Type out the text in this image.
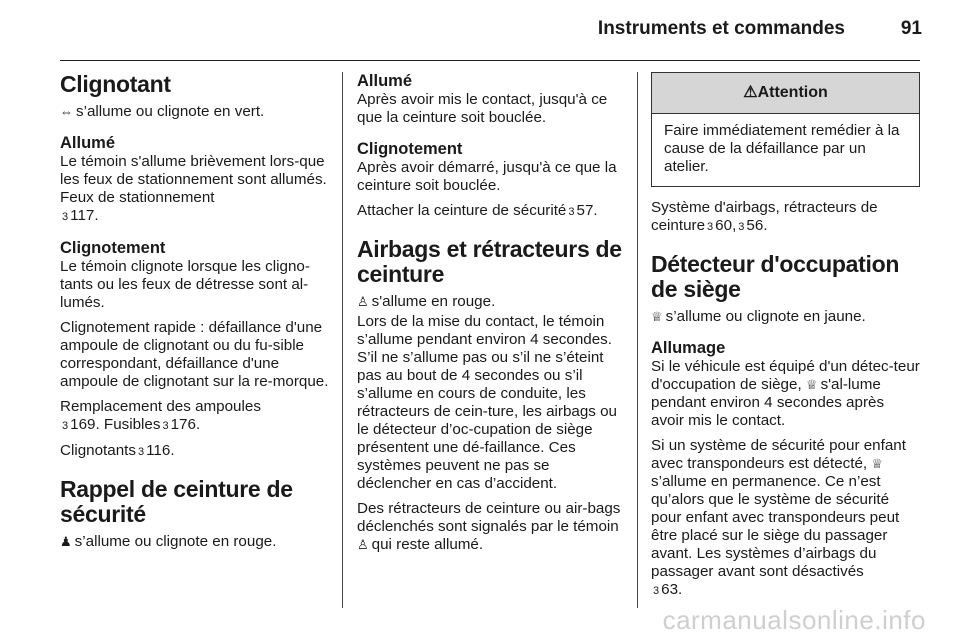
Instruments et commandes	91
Clignotant

⇔ s’allume ou clignote en vert.

Allumé

Le témoin s'allume brièvement lors-que les feux de stationnement sont allumés. Feux de stationnement
3 117.

Clignotement

Le témoin clignote lorsque les cligno-tants ou les feux de détresse sont al-lumés.

Clignotement rapide : défaillance d'une ampoule de clignotant ou du fu-sible correspondant, défaillance d'une ampoule de clignotant sur la re-morque.

Remplacement des ampoules
3 169. Fusibles 3 176.

Clignotants 3 116.

Rappel de ceinture de sécurité

♟ s’allume ou clignote en rouge.

Allumé

Après avoir mis le contact, jusqu'à ce que la ceinture soit bouclée.

Clignotement

Après avoir démarré, jusqu'à ce que la ceinture soit bouclée.

Attacher la ceinture de sécurité 3 57.

Airbags et rétracteurs de ceinture

♙ s'allume en rouge.

Lors de la mise du contact, le témoin s’allume pendant environ 4 secondes. S’il ne s’allume pas ou s’il ne s’éteint pas au bout de 4 secondes ou s’il s’allume en cours de conduite, les rétracteurs de cein-ture, les airbags ou le détecteur d’oc-cupation de siège présentent une dé-faillance. Ces systèmes peuvent ne pas se déclencher en cas d’accident.

Des rétracteurs de ceinture ou air-bags déclenchés sont signalés par le témoin ♙ qui reste allumé.

⚠Attention
Faire immédiatement remédier à la cause de la défaillance par un atelier.

Système d'airbags, rétracteurs de ceinture 3 60, 3 56.

Détecteur d'occupation de siège

♕ s’allume ou clignote en jaune.

Allumage

Si le véhicule est équipé d'un détec-teur d'occupation de siège, ♕ s'al-lume pendant environ 4 secondes après avoir mis le contact.

Si un système de sécurité pour enfant avec transpondeurs est détecté, ♕s’allume en permanence. Ce n’est qu’alors que le système de sécurité pour enfant avec transpondeurs peut être placé sur le siège du passager avant. Les systèmes d’airbags du passager avant sont désactivés
3 63.

carmanualsonline.info
